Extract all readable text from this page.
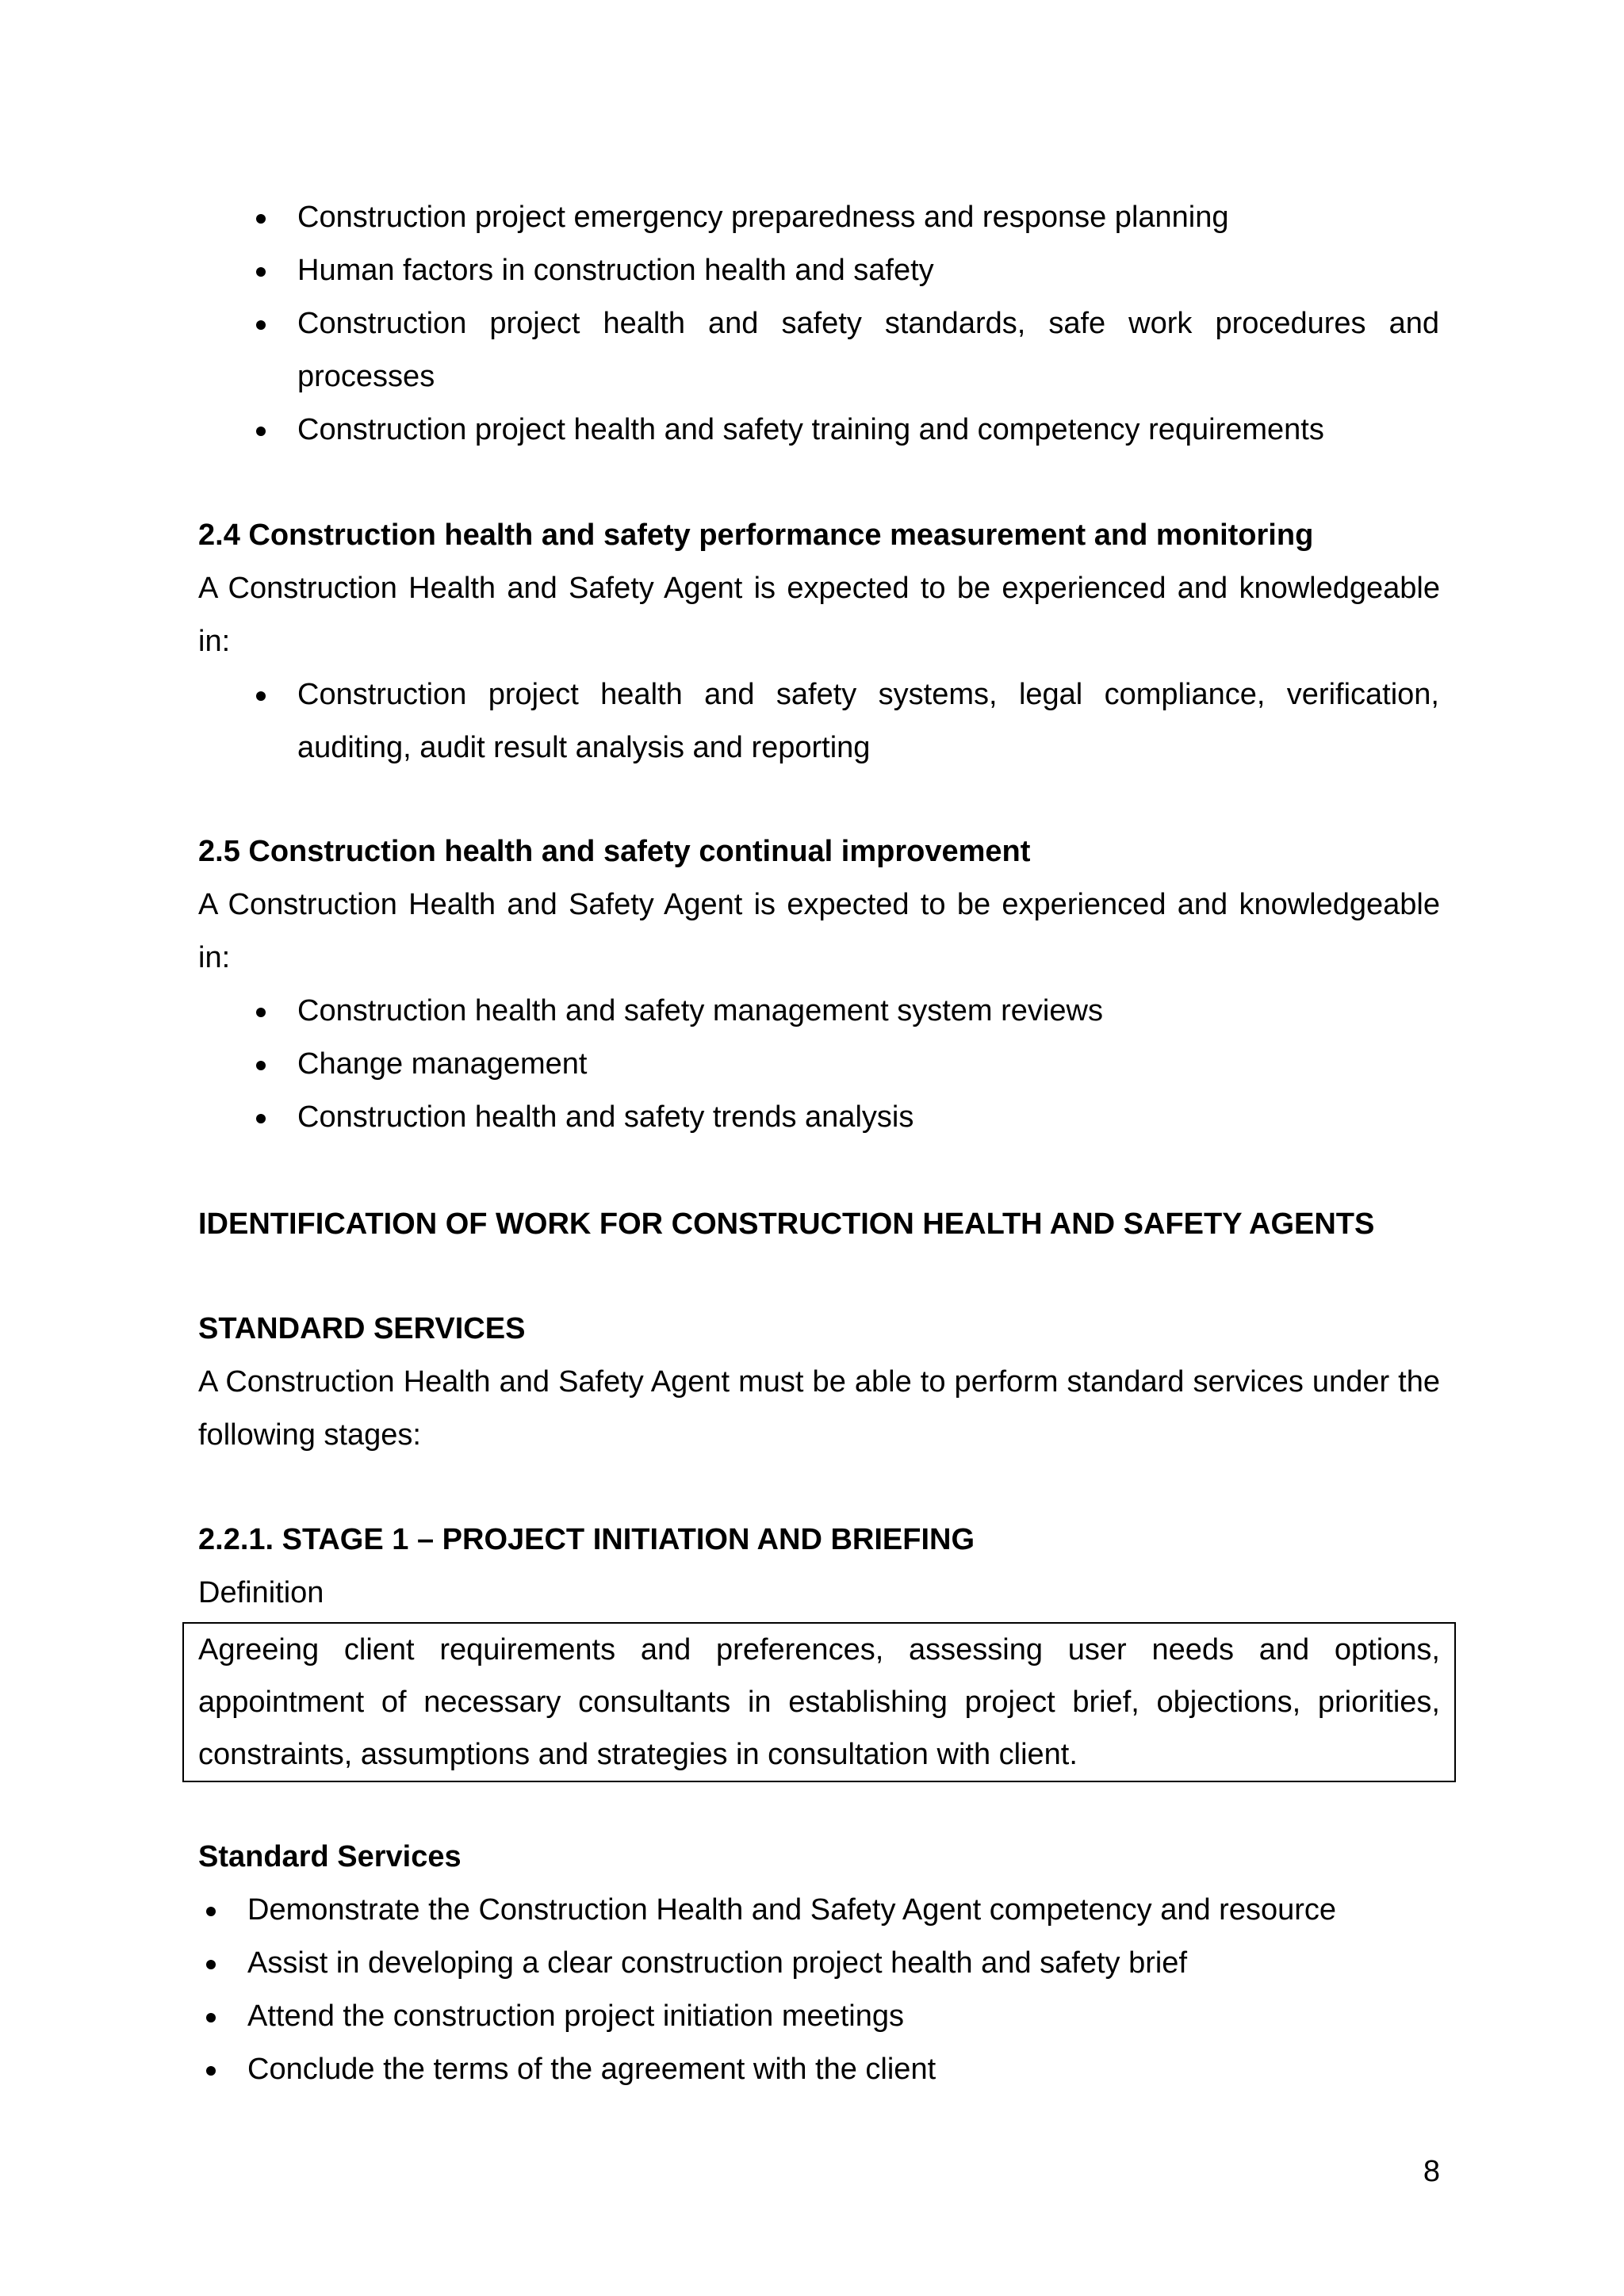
Construction project emergency preparedness and response planning
Human factors in construction health and safety
Construction project health and safety standards, safe work procedures and processes
Construction project health and safety training and competency requirements
2.4 Construction health and safety performance measurement and monitoring
A Construction Health and Safety Agent is expected to be experienced and knowledgeable in:
Construction project health and safety systems, legal compliance, verification, auditing, audit result analysis and reporting
2.5 Construction health and safety continual improvement
A Construction Health and Safety Agent is expected to be experienced and knowledgeable in:
Construction health and safety management system reviews
Change management
Construction health and safety trends analysis
IDENTIFICATION OF WORK FOR CONSTRUCTION HEALTH AND SAFETY AGENTS
STANDARD SERVICES
A Construction Health and Safety Agent must be able to perform standard services under the following stages:
2.2.1. STAGE 1 – PROJECT INITIATION AND BRIEFING
Definition
Agreeing client requirements and preferences, assessing user needs and options, appointment of necessary consultants in establishing project brief, objections, priorities, constraints, assumptions and strategies in consultation with client.
Standard Services
Demonstrate the Construction Health and Safety Agent competency and resource
Assist in developing a clear construction project health and safety brief
Attend the construction project initiation meetings
Conclude the terms of the agreement with the client
8
